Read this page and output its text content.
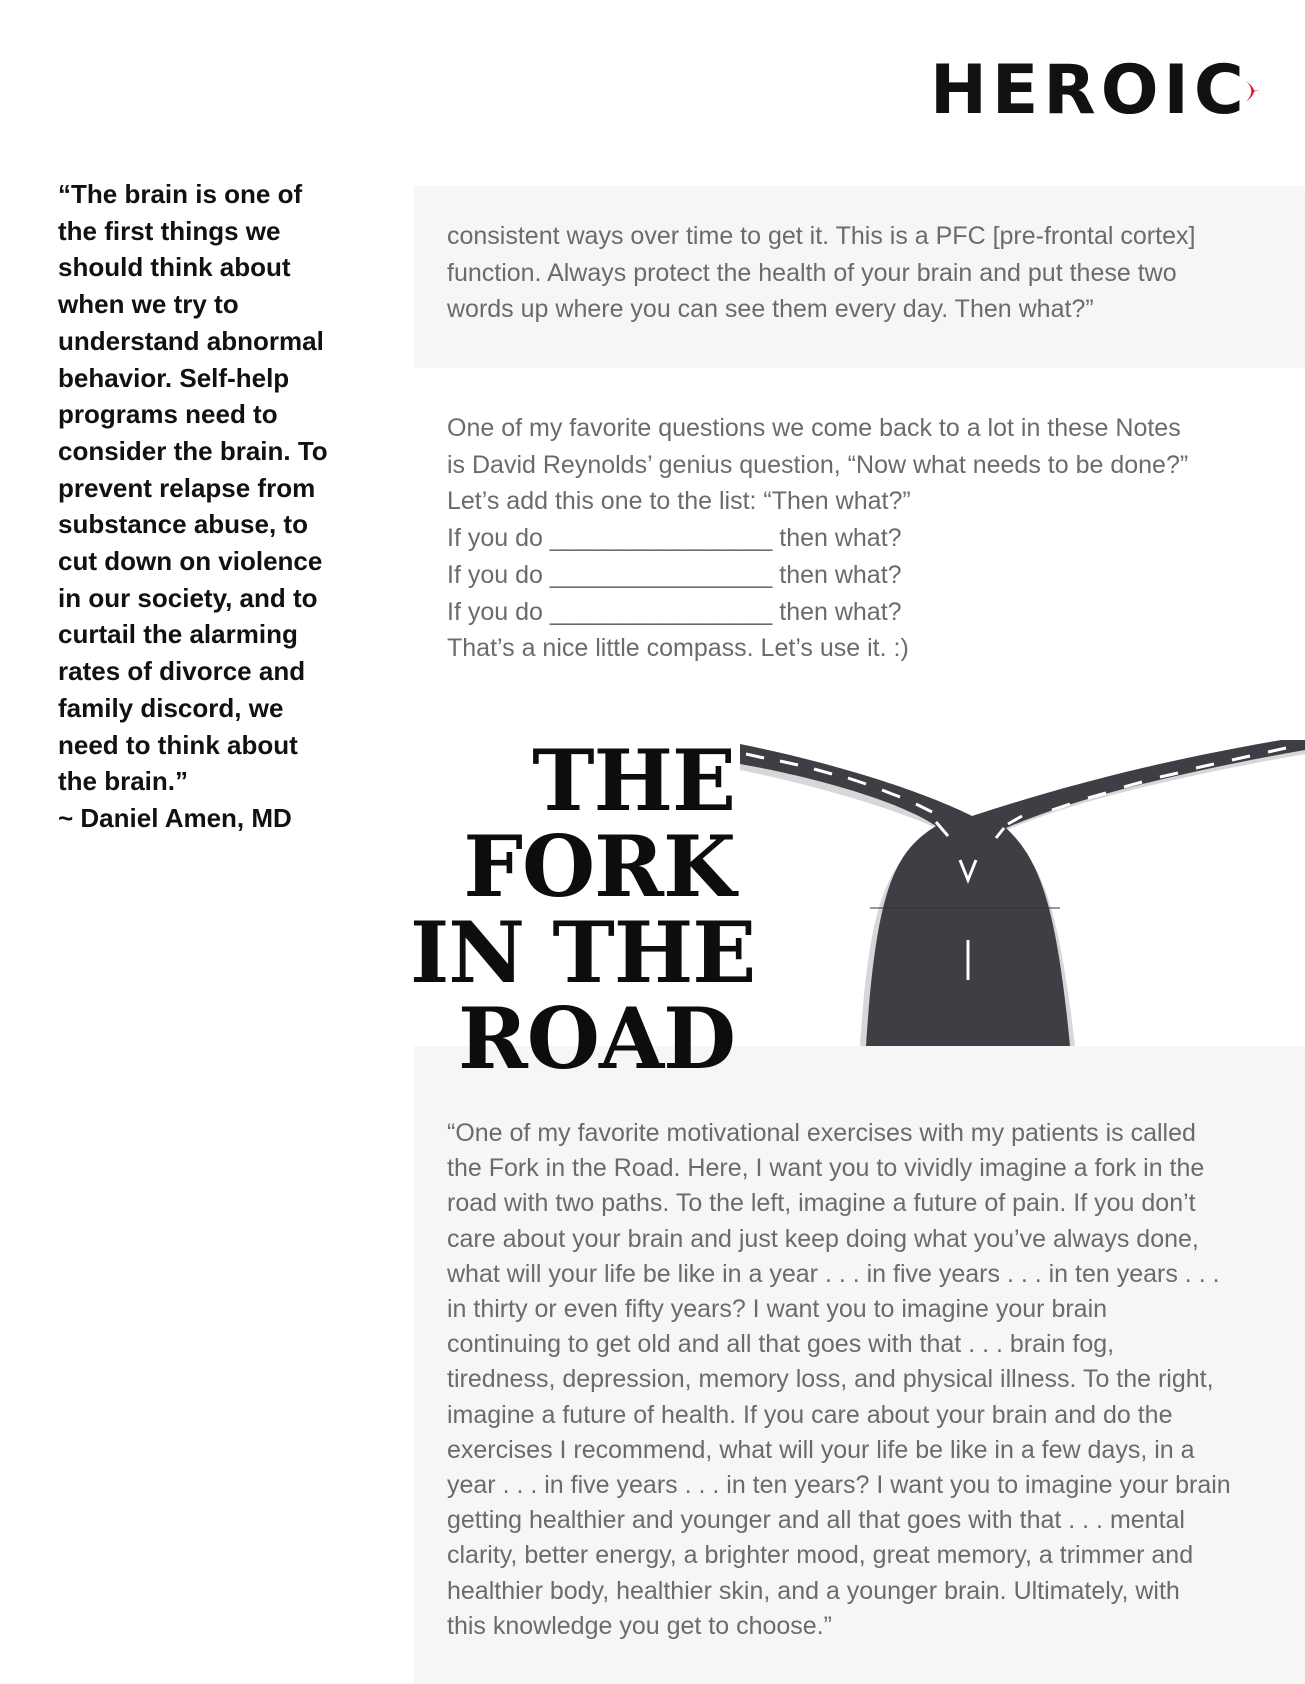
HEROIC

“The brain is one of
the first things we
should think about
when we try to
understand abnormal
behavior. Self-help
programs need to
consider the brain. To
prevent relapse from
substance abuse, to
cut down on violence
in our society, and to
curtail the alarming
rates of divorce and
family discord, we
need to think about
the brain.”

~ Daniel Amen, MD

consistent ways over time to get it. This is a PFC [pre-frontal cortex]
function. Always protect the health of your brain and put these two
words up where you can see them every day. Then what?”
One of my favorite questions we come back to a lot in these Notes
is David Reynolds’ genius question, “Now what needs to be done?”
Let’s add this one to the list: “Then what?”
If you do ________________ then what?
If you do ________________ then what?
If you do ________________ then what?
That’s a nice little compass. Let’s use it. :)
THE
FORK
IN THE
ROAD
“One of my favorite motivational exercises with my patients is called
the Fork in the Road. Here, I want you to vividly imagine a fork in the
road with two paths. To the left, imagine a future of pain. If you don’t
care about your brain and just keep doing what you’ve always done,
what will your life be like in a year . . . in five years . . . in ten years . . .
in thirty or even fifty years? I want you to imagine your brain
continuing to get old and all that goes with that . . . brain fog,
tiredness, depression, memory loss, and physical illness. To the right,
imagine a future of health. If you care about your brain and do the
exercises I recommend, what will your life be like in a few days, in a
year . . . in five years . . . in ten years? I want you to imagine your brain
getting healthier and younger and all that goes with that . . . mental
clarity, better energy, a brighter mood, great memory, a trimmer and
healthier body, healthier skin, and a younger brain. Ultimately, with
this knowledge you get to choose.”
